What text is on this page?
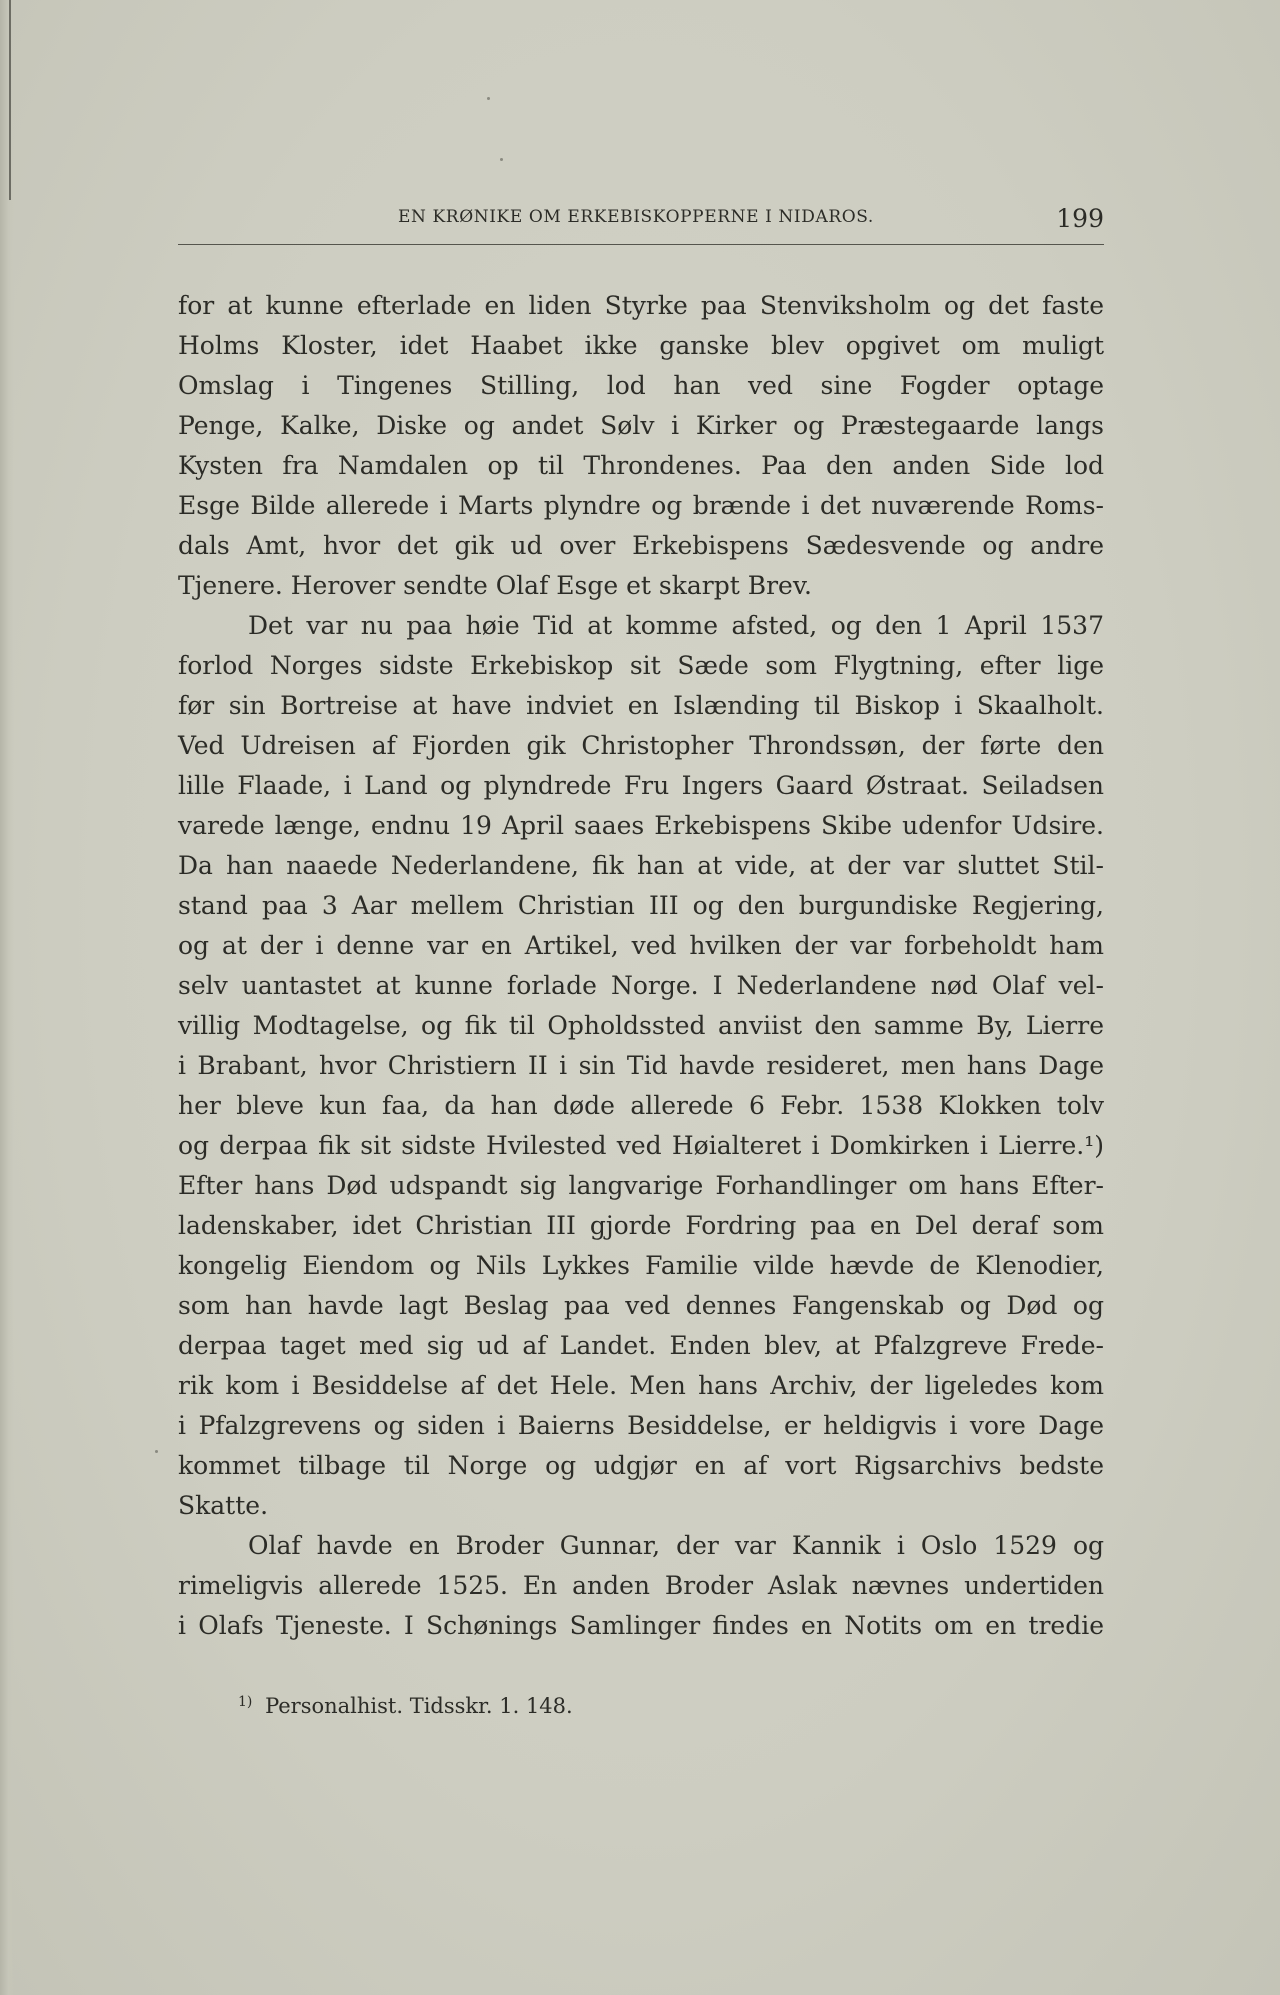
EN KRØNIKE OM ERKEBISKOPPERNE I NIDAROS.	199
for at kunne efterlade en liden Styrke paa Stenviksholm og det faste
Holms Kloster, idet Haabet ikke ganske blev opgivet om muligt
Omslag i Tingenes Stilling, lod han ved sine Fogder optage
Penge, Kalke, Diske og andet Sølv i Kirker og Præstegaarde langs
Kysten fra Namdalen op til Throndenes. Paa den anden Side lod
Esge Bilde allerede i Marts plyndre og brænde i det nuværende Roms-
dals Amt, hvor det gik ud over Erkebispens Sædesvende og andre
Tjenere. Herover sendte Olaf Esge et skarpt Brev.
Det var nu paa høie Tid at komme afsted, og den 1 April 1537
forlod Norges sidste Erkebiskop sit Sæde som Flygtning, efter lige
før sin Bortreise at have indviet en Islænding til Biskop i Skaalholt.
Ved Udreisen af Fjorden gik Christopher Throndssøn, der førte den
lille Flaade, i Land og plyndrede Fru Ingers Gaard Østraat. Seiladsen
varede længe, endnu 19 April saaes Erkebispens Skibe udenfor Udsire.
Da han naaede Nederlandene, fik han at vide, at der var sluttet Stil-
stand paa 3 Aar mellem Christian III og den burgundiske Regjering,
og at der i denne var en Artikel, ved hvilken der var forbeholdt ham
selv uantastet at kunne forlade Norge. I Nederlandene nød Olaf vel-
villig Modtagelse, og fik til Opholdssted anviist den samme By, Lierre
i Brabant, hvor Christiern II i sin Tid havde resideret, men hans Dage
her bleve kun faa, da han døde allerede 6 Febr. 1538 Klokken tolv
og derpaa fik sit sidste Hvilested ved Høialteret i Domkirken i Lierre.¹)
Efter hans Død udspandt sig langvarige Forhandlinger om hans Efter-
ladenskaber, idet Christian III gjorde Fordring paa en Del deraf som
kongelig Eiendom og Nils Lykkes Familie vilde hævde de Klenodier,
som han havde lagt Beslag paa ved dennes Fangenskab og Død og
derpaa taget med sig ud af Landet. Enden blev, at Pfalzgreve Frede-
rik kom i Besiddelse af det Hele. Men hans Archiv, der ligeledes kom
i Pfalzgrevens og siden i Baierns Besiddelse, er heldigvis i vore Dage
kommet tilbage til Norge og udgjør en af vort Rigsarchivs bedste
Skatte.
Olaf havde en Broder Gunnar, der var Kannik i Oslo 1529 og
rimeligvis allerede 1525. En anden Broder Aslak nævnes undertiden
i Olafs Tjeneste. I Schønings Samlinger findes en Notits om en tredie
$^{1)}$ Personalhist. Tidsskr. 1. 148.
